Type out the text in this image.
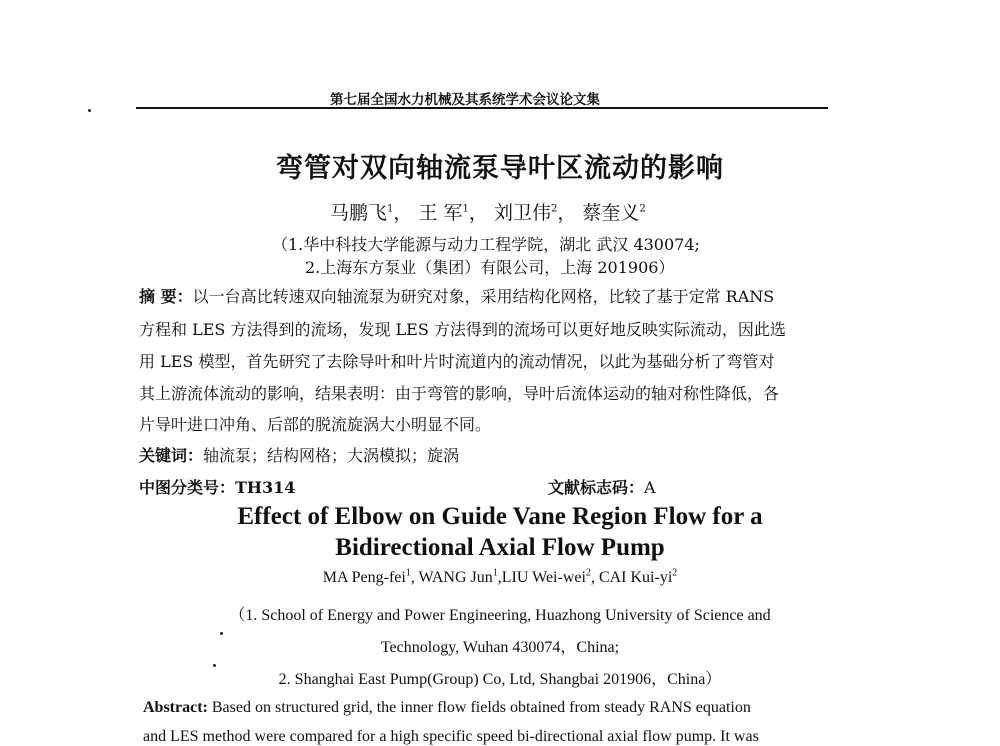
第七届全国水力机械及其系统学术会议论文集
弯管对双向轴流泵导叶区流动的影响
马鹏飞$^1$， 王 军$^1$， 刘卫伟$^2$， 蔡奎义$^2$
（1.华中科技大学能源与动力工程学院，湖北 武汉 430074;
2.上海东方泵业（集团）有限公司，上海 201906）
摘 要：以一台高比转速双向轴流泵为研究对象，采用结构化网格，比较了基于定常 RANS
方程和 LES 方法得到的流场，发现 LES 方法得到的流场可以更好地反映实际流动，因此选
用 LES 模型，首先研究了去除导叶和叶片时流道内的流动情况，以此为基础分析了弯管对
其上游流体流动的影响，结果表明：由于弯管的影响，导叶后流体运动的轴对称性降低，各
片导叶进口冲角、后部的脱流旋涡大小明显不同。
关键词：轴流泵；结构网格；大涡模拟；旋涡
中图分类号：TH314	文献标志码：A
Effect of Elbow on Guide Vane Region Flow for a
Bidirectional Axial Flow Pump
MA Peng-fei$^1$, WANG Jun$^1$,LIU Wei-wei$^2$, CAI Kui-$yi^2$
（1. School of Energy and Power Engineering, Huazhong University of Science and
Technology, Wuhan 430074，China;
2. Shanghai East Pump(Group) Co, Ltd, Shangbai 201906，China）
Abstract: Based on structured grid, the inner flow fields obtained from steady RANS equation
and LES method were compared for a high specific speed bi-directional axial flow pump. It was
